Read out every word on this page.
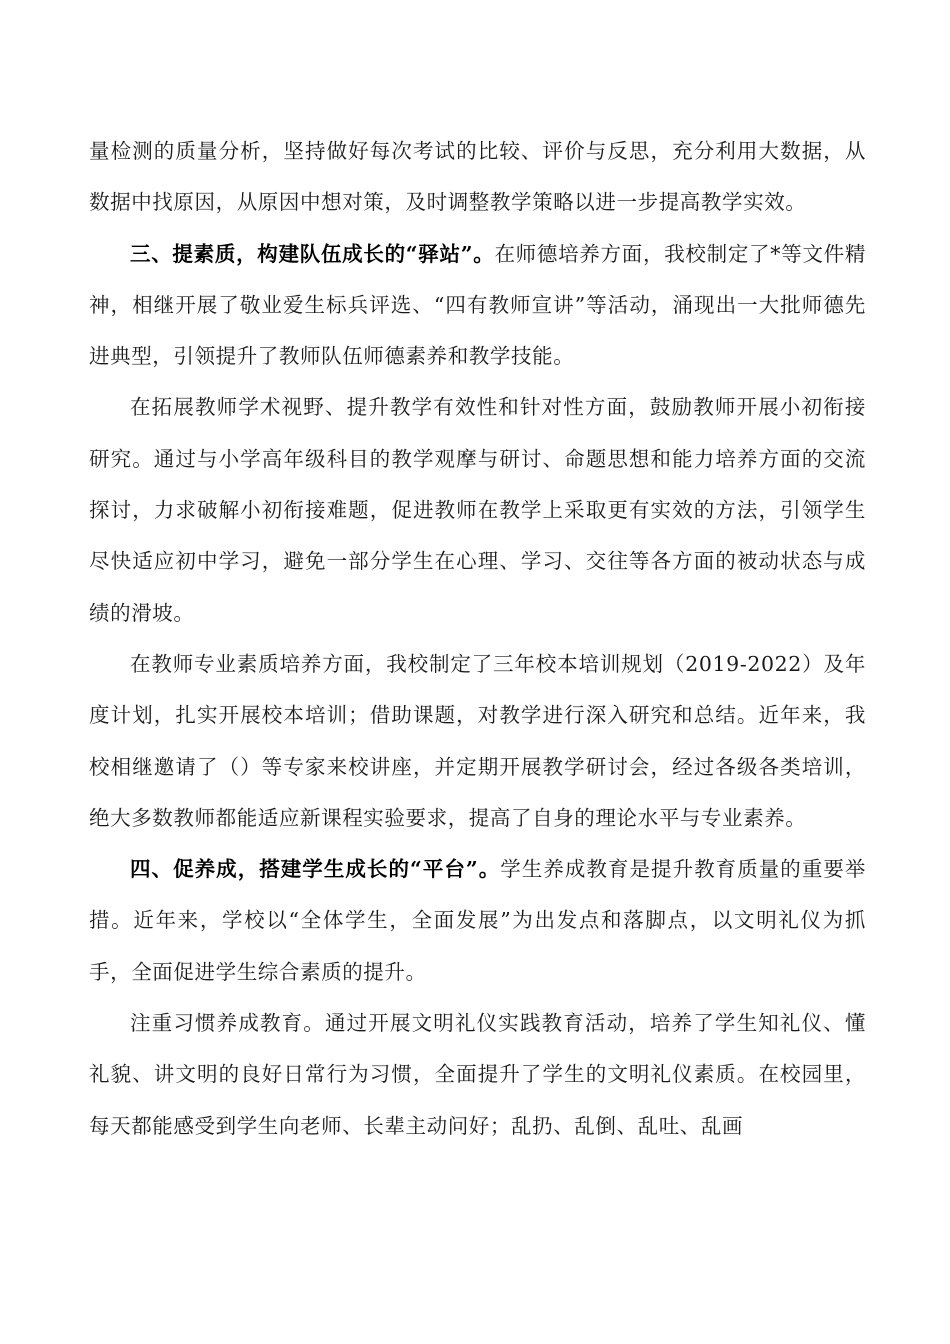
量检测的质量分析，坚持做好每次考试的比较、评价与反思，充分利用大数据，从数据中找原因，从原因中想对策，及时调整教学策略以进一步提高教学实效。

三、提素质，构建队伍成长的“驿站”。在师德培养方面，我校制定了*等文件精神，相继开展了敬业爱生标兵评选、“四有教师宣讲”等活动，涌现出一大批师德先进典型，引领提升了教师队伍师德素养和教学技能。

在拓展教师学术视野、提升教学有效性和针对性方面，鼓励教师开展小初衔接研究。通过与小学高年级科目的教学观摩与研讨、命题思想和能力培养方面的交流探讨，力求破解小初衔接难题，促进教师在教学上采取更有实效的方法，引领学生尽快适应初中学习，避免一部分学生在心理、学习、交往等各方面的被动状态与成绩的滑坡。

在教师专业素质培养方面，我校制定了三年校本培训规划（2019-2022）及年度计划，扎实开展校本培训；借助课题，对教学进行深入研究和总结。近年来，我校相继邀请了（）等专家来校讲座，并定期开展教学研讨会，经过各级各类培训，绝大多数教师都能适应新课程实验要求，提高了自身的理论水平与专业素养。

四、促养成，搭建学生成长的“平台”。学生养成教育是提升教育质量的重要举措。近年来，学校以“全体学生，全面发展”为出发点和落脚点，以文明礼仪为抓手，全面促进学生综合素质的提升。

注重习惯养成教育。通过开展文明礼仪实践教育活动，培养了学生知礼仪、懂礼貌、讲文明的良好日常行为习惯，全面提升了学生的文明礼仪素质。在校园里，每天都能感受到学生向老师、长辈主动问好；乱扔、乱倒、乱吐、乱画
